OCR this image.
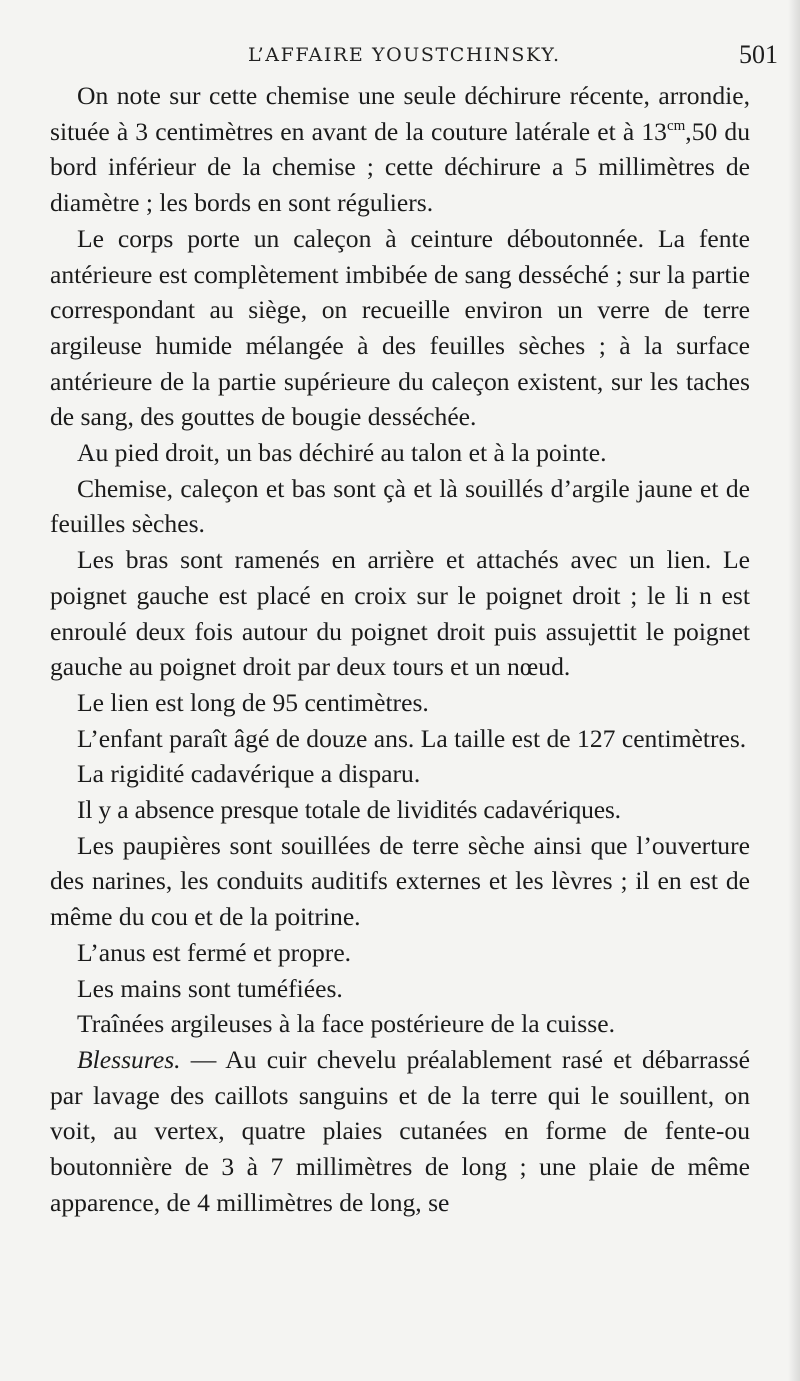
L’AFFAIRE YOUSTCHINSKY.	501

On note sur cette chemise une seule déchirure récente, arrondie, située à 3 centimètres en avant de la couture latérale et à $13^{cm},50$ du bord inférieur de la chemise ; cette déchirure a 5 millimètres de diamètre ; les bords en sont réguliers.

Le corps porte un caleçon à ceinture déboutonnée. La fente antérieure est complètement imbibée de sang desséché ; sur la partie correspondant au siège, on recueille environ un verre de terre argileuse humide mélangée à des feuilles sèches ; à la surface antérieure de la partie supérieure du caleçon existent, sur les taches de sang, des gouttes de bougie desséchée.

Au pied droit, un bas déchiré au talon et à la pointe.

Chemise, caleçon et bas sont çà et là souillés d’argile jaune et de feuilles sèches.

Les bras sont ramenés en arrière et attachés avec un lien. Le poignet gauche est placé en croix sur le poignet droit ; le li n est enroulé deux fois autour du poignet droit puis assujettit le poignet gauche au poignet droit par deux tours et un nœud.

Le lien est long de 95 centimètres.

L’enfant paraît âgé de douze ans. La taille est de 127 centimètres.

La rigidité cadavérique a disparu.

Il y a absence presque totale de lividités cadavériques.

Les paupières sont souillées de terre sèche ainsi que l’ouverture des narines, les conduits auditifs externes et les lèvres ; il en est de même du cou et de la poitrine.

L’anus est fermé et propre.

Les mains sont tuméfiées.

Traînées argileuses à la face postérieure de la cuisse.

Blessures. — Au cuir chevelu préalablement rasé et débarrassé par lavage des caillots sanguins et de la terre qui le souillent, on voit, au vertex, quatre plaies cutanées en forme de fente-ou boutonnière de 3 à 7 millimètres de long ; une plaie de même apparence, de 4 millimètres de long, se
